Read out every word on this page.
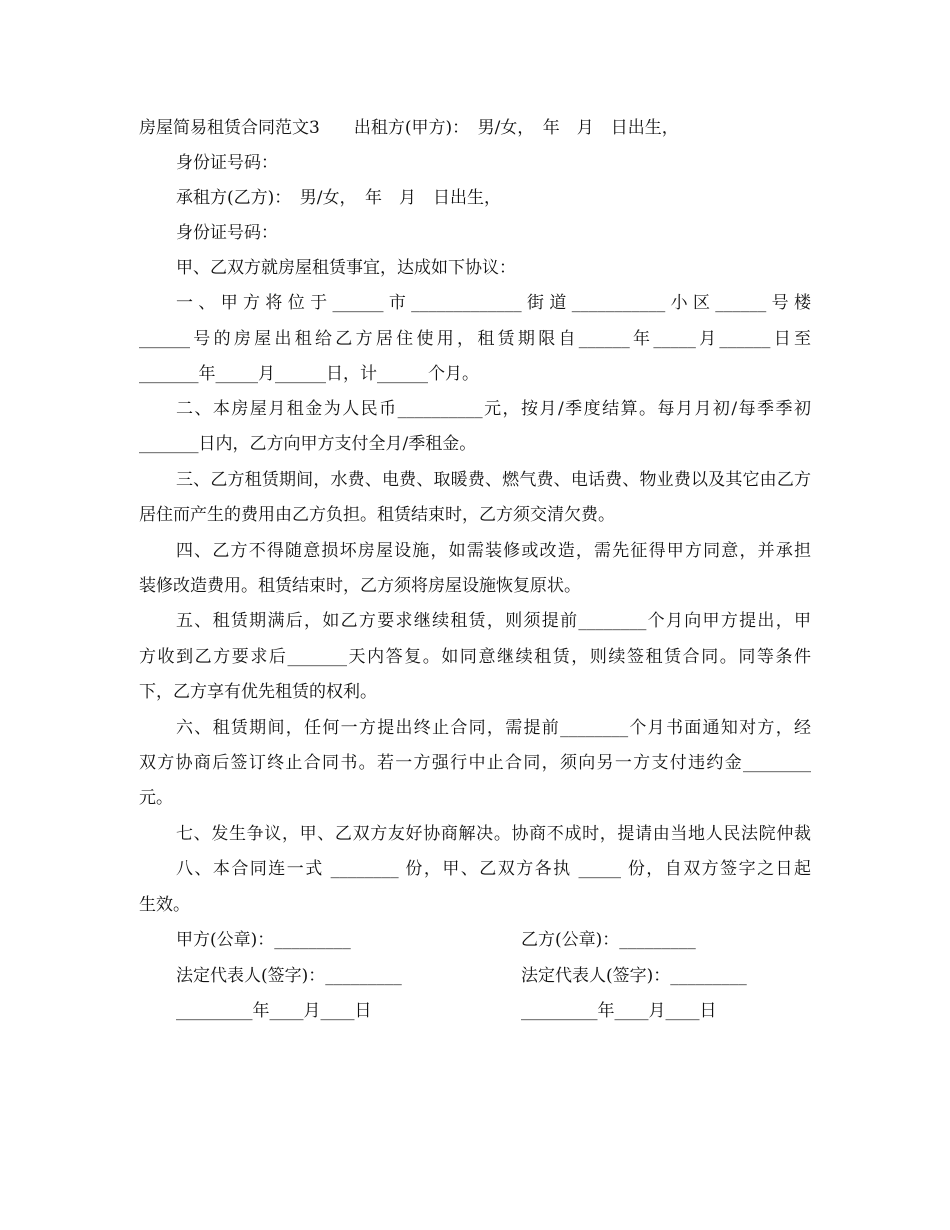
房屋简易租赁合同范文3　　出租方(甲方)：　男/女，　年　月　日出生，
身份证号码：
承租方(乙方)：　男/女，　年　月　日出生，
身份证号码：
甲、乙双方就房屋租赁事宜，达成如下协议：
一、甲方将位于______市_____________街道___________小区______号楼
______号的房屋出租给乙方居住使用，租赁期限自______年_____月______日至
_______年_____月______日，计______个月。
二、本房屋月租金为人民币__________元，按月/季度结算。每月月初/每季季初
_______日内，乙方向甲方支付全月/季租金。
三、乙方租赁期间，水费、电费、取暖费、燃气费、电话费、物业费以及其它由乙方
居住而产生的费用由乙方负担。租赁结束时，乙方须交清欠费。
四、乙方不得随意损坏房屋设施，如需装修或改造，需先征得甲方同意，并承担
装修改造费用。租赁结束时，乙方须将房屋设施恢复原状。
五、租赁期满后，如乙方要求继续租赁，则须提前________个月向甲方提出，甲
方收到乙方要求后_______天内答复。如同意继续租赁，则续签租赁合同。同等条件
下，乙方享有优先租赁的权利。
六、租赁期间，任何一方提出终止合同，需提前________个月书面通知对方，经
双方协商后签订终止合同书。若一方强行中止合同，须向另一方支付违约金________
元。
七、发生争议，甲、乙双方友好协商解决。协商不成时，提请由当地人民法院仲裁
八、本合同连一式 ________ 份，甲、乙双方各执 _____ 份，自双方签字之日起
生效。
甲方(公章)：_________	乙方(公章)：_________
法定代表人(签字)：_________	法定代表人(签字)：_________
_________年____月____日	_________年____月____日
